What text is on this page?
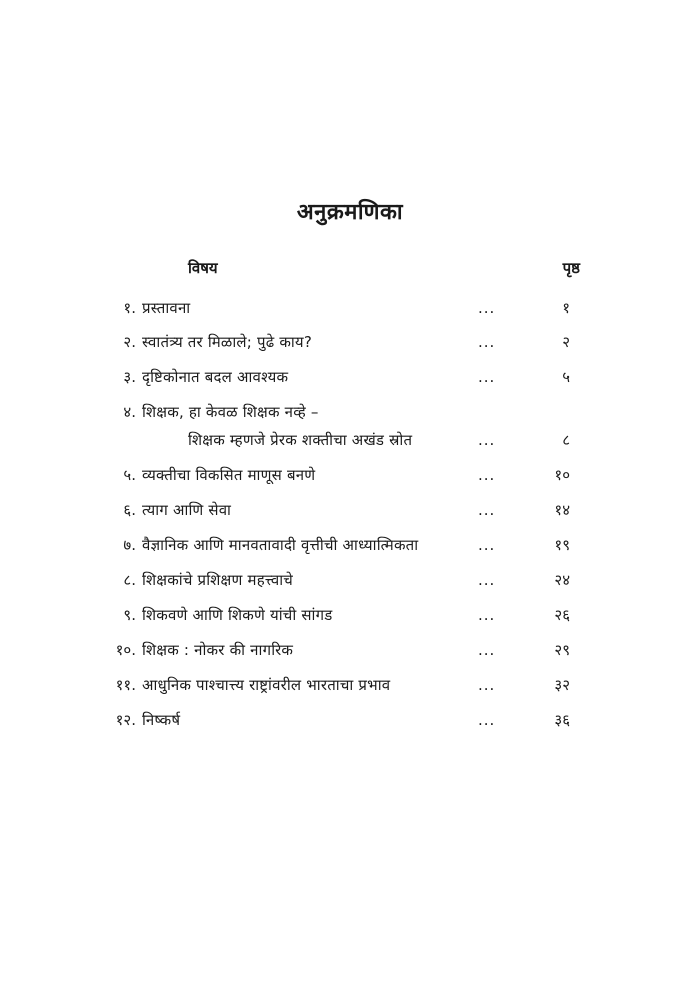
अनुक्रमणिका
विषय	पृष्ठ
१. प्रस्तावना	...	१
२. स्वातंत्र्य तर मिळाले; पुढे काय?	...	२
३. दृष्टिकोनात बदल आवश्यक	...	५
४. शिक्षक, हा केवळ शिक्षक नव्हे –
शिक्षक म्हणजे प्रेरक शक्तीचा अखंड स्रोत	...	८
५. व्यक्तीचा विकसित माणूस बनणे	...	१०
६. त्याग आणि सेवा	...	१४
७. वैज्ञानिक आणि मानवतावादी वृत्तीची आध्यात्मिकता	...	१९
८. शिक्षकांचे प्रशिक्षण महत्त्वाचे	...	२४
९. शिकवणे आणि शिकणे यांची सांगड	...	२६
१०. शिक्षक : नोकर की नागरिक	...	२९
११. आधुनिक पाश्चात्त्य राष्ट्रांवरील भारताचा प्रभाव	...	३२
१२. निष्कर्ष	...	३६
